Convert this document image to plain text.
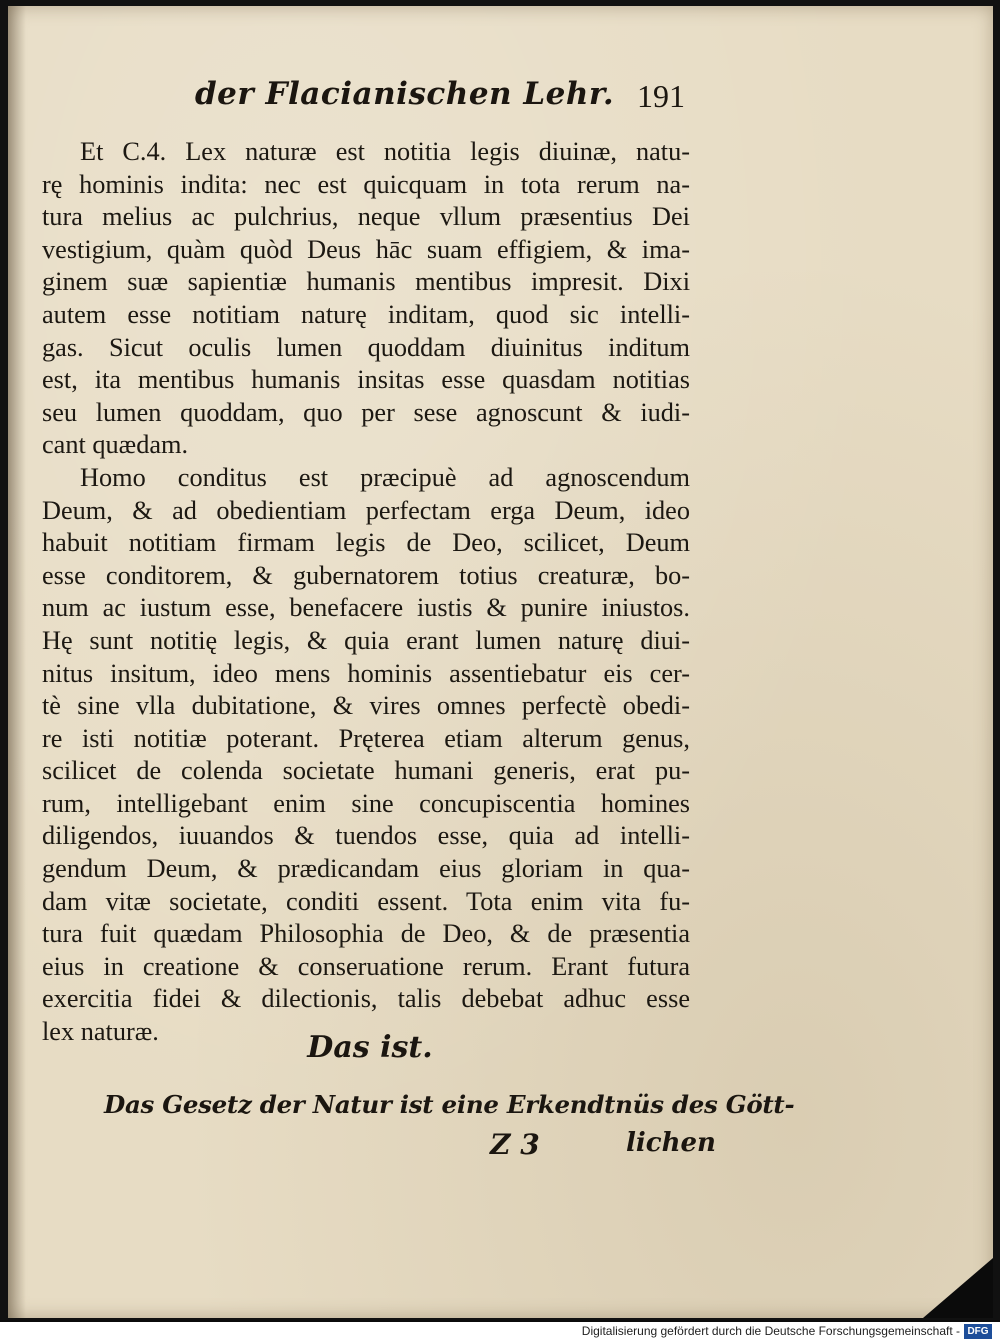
der Flacianischen Lehr. 191
Et C.4. Lex naturæ est notitia legis diuinæ, natu-
rę hominis indita: nec est quicquam in tota rerum na-
tura melius ac pulchrius, neque vllum præsentius Dei
vestigium, quàm quòd Deus hāc suam effigiem, & ima-
ginem suæ sapientiæ humanis mentibus impresit. Dixi
autem esse notitiam naturę inditam, quod sic intelli-
gas. Sicut oculis lumen quoddam diuinitus inditum
est, ita mentibus humanis insitas esse quasdam notitias
seu lumen quoddam, quo per sese agnoscunt & iudi-
cant quædam.
Homo conditus est præcipuè ad agnoscendum
Deum, & ad obedientiam perfectam erga Deum, ideo
habuit notitiam firmam legis de Deo, scilicet, Deum
esse conditorem, & gubernatorem totius creaturæ, bo-
num ac iustum esse, benefacere iustis & punire iniustos.
Hę sunt notitię legis, & quia erant lumen naturę diui-
nitus insitum, ideo mens hominis assentiebatur eis cer-
tè sine vlla dubitatione, & vires omnes perfectè obedi-
re isti notitiæ poterant. Pręterea etiam alterum genus,
scilicet de colenda societate humani generis, erat pu-
rum, intelligebant enim sine concupiscentia homines
diligendos, iuuandos & tuendos esse, quia ad intelli-
gendum Deum, & prædicandam eius gloriam in qua-
dam vitæ societate, conditi essent. Tota enim vita fu-
tura fuit quædam Philosophia de Deo, & de præsentia
eius in creatione & conseruatione rerum. Erant futura
exercitia fidei & dilectionis, talis debebat adhuc esse
lex naturæ.	Das ist.
Das Gesetz der Natur ist eine Erkendtnüs des Gött-
Z 3	lichen
Digitalisierung gefördert durch die Deutsche Forschungsgemeinschaft - DFG
